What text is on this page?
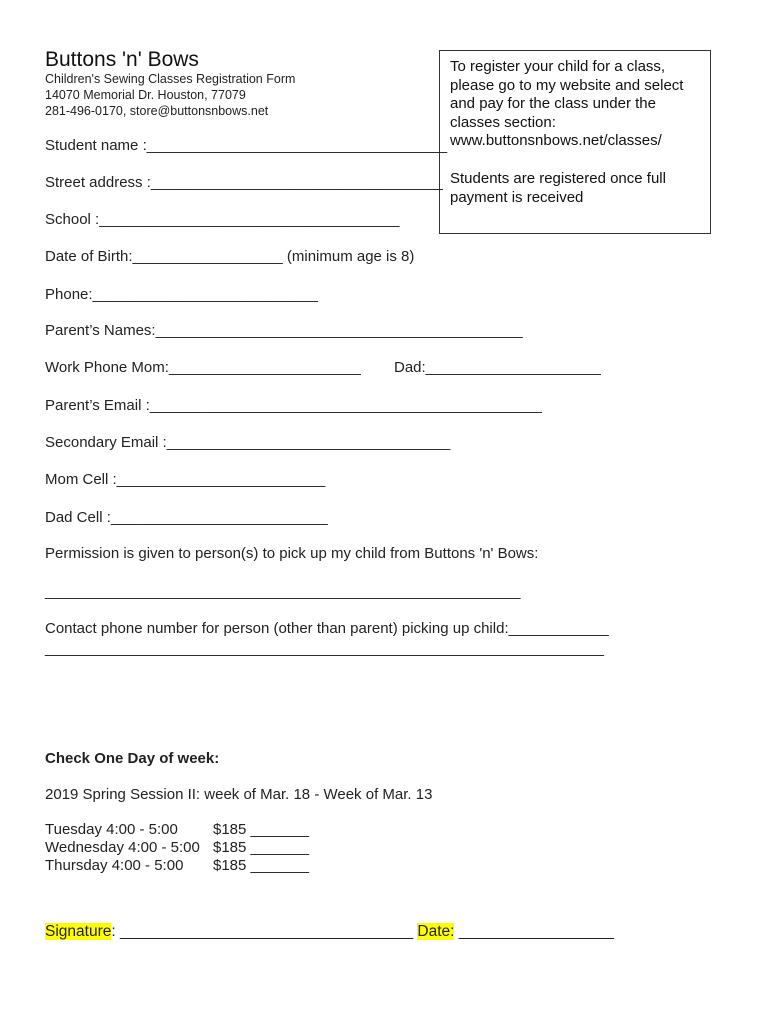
Buttons 'n' Bows
Children's Sewing Classes Registration Form
14070 Memorial Dr. Houston, 77079
281-496-0170, store@buttonsnbows.net

To register your child for a class,
please go to my website and select
and pay for the class under the
classes section:
www.buttonsnbows.net/classes/

Students are registered once full
payment is received

Student name :____________________________________
Street address :___________________________________
School :____________________________________
Date of Birth:__________________ (minimum age is 8)
Phone:___________________________
Parent’s Names:____________________________________________
Work Phone Mom:_______________________ Dad:_____________________
Parent’s Email :_______________________________________________
Secondary Email :__________________________________
Mom Cell :_________________________
Dad Cell :__________________________
Permission is given to person(s) to pick up my child from Buttons 'n' Bows:
_________________________________________________________
Contact phone number for person (other than parent) picking up child:____________
___________________________________________________________________
Check One Day of week:
2019 Spring Session II: week of Mar. 18 - Week of Mar. 13
Tuesday 4:00 - 5:00 $185 _______
Wednesday 4:00 - 5:00 $185 _______
Thursday 4:00 - 5:00 $185 _______
Signature: __________________________________ Date: __________________
